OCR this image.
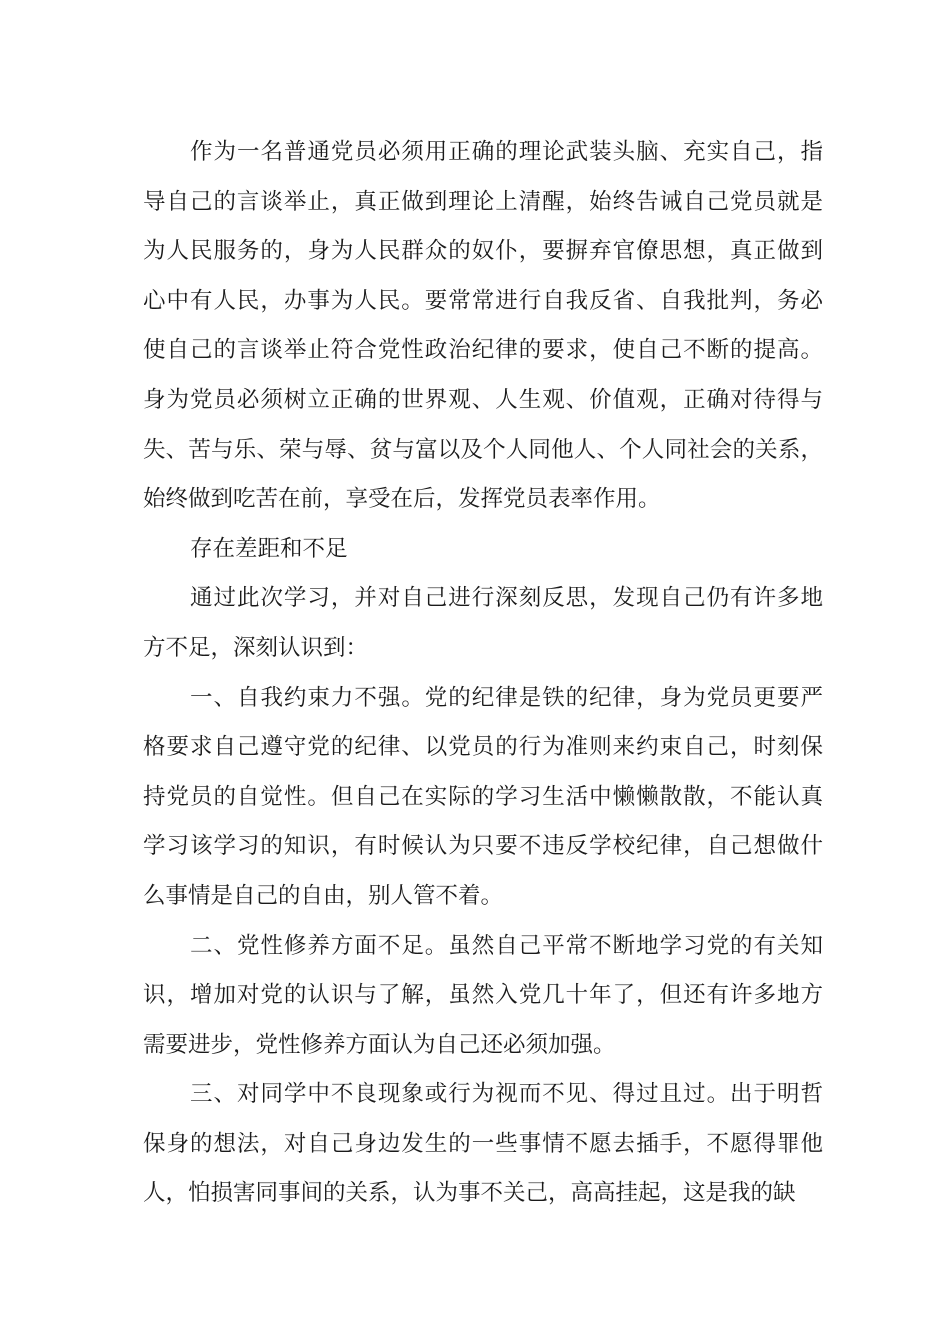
作为一名普通党员必须用正确的理论武装头脑、充实自己，指
导自己的言谈举止，真正做到理论上清醒，始终告诫自己党员就是
为人民服务的，身为人民群众的奴仆，要摒弃官僚思想，真正做到
心中有人民，办事为人民。要常常进行自我反省、自我批判，务必
使自己的言谈举止符合党性政治纪律的要求，使自己不断的提高。
身为党员必须树立正确的世界观、人生观、价值观，正确对待得与
失、苦与乐、荣与辱、贫与富以及个人同他人、个人同社会的关系，
始终做到吃苦在前，享受在后，发挥党员表率作用。
存在差距和不足
通过此次学习，并对自己进行深刻反思，发现自己仍有许多地
方不足，深刻认识到：
一、自我约束力不强。党的纪律是铁的纪律，身为党员更要严
格要求自己遵守党的纪律、以党员的行为准则来约束自己，时刻保
持党员的自觉性。但自己在实际的学习生活中懒懒散散，不能认真
学习该学习的知识，有时候认为只要不违反学校纪律，自己想做什
么事情是自己的自由，别人管不着。
二、党性修养方面不足。虽然自己平常不断地学习党的有关知
识，增加对党的认识与了解，虽然入党几十年了，但还有许多地方
需要进步，党性修养方面认为自己还必须加强。
三、对同学中不良现象或行为视而不见、得过且过。出于明哲
保身的想法，对自己身边发生的一些事情不愿去插手，不愿得罪他
人，怕损害同事间的关系，认为事不关己，高高挂起，这是我的缺
